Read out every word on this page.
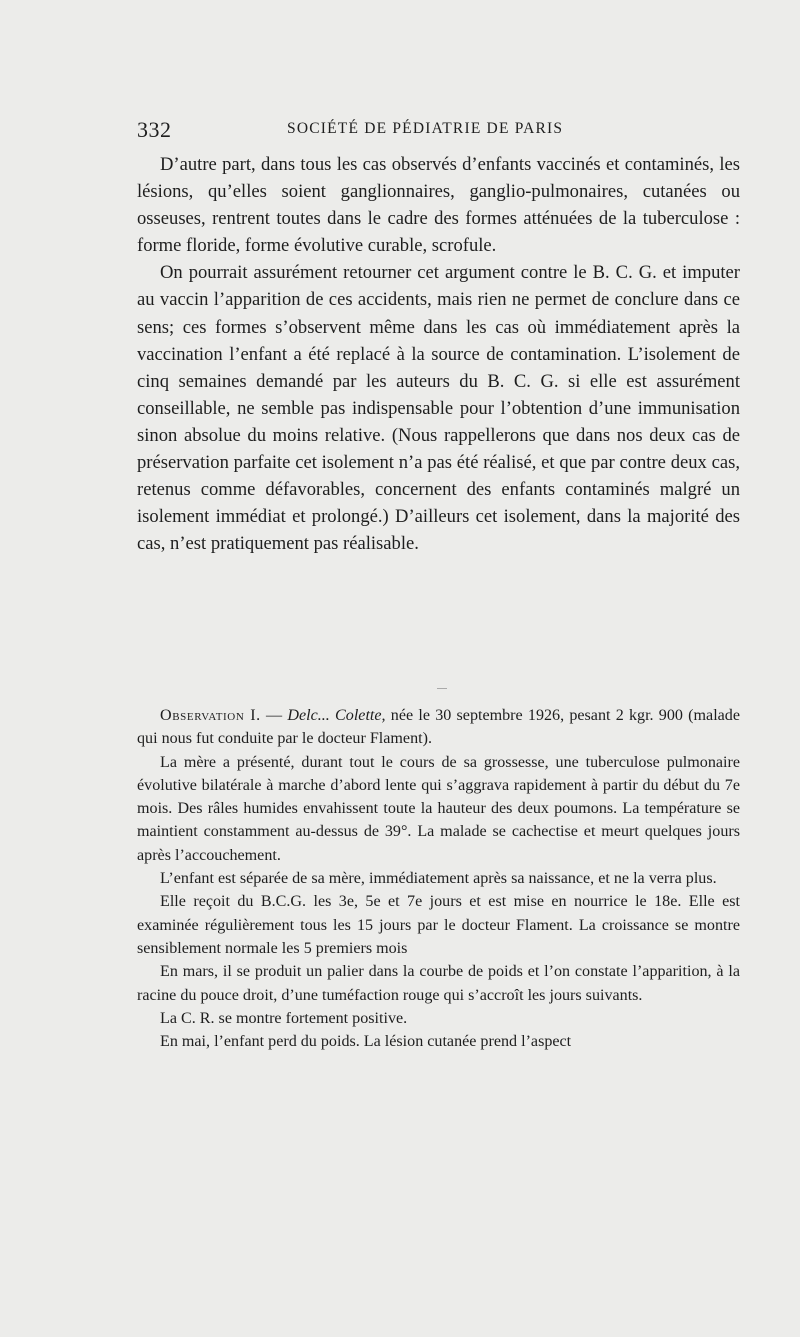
332	SOCIÉTÉ DE PÉDIATRIE DE PARIS

D’autre part, dans tous les cas observés d’enfants vaccinés et contaminés, les lésions, qu’elles soient ganglionnaires, ganglio-pulmonaires, cutanées ou osseuses, rentrent toutes dans le cadre des formes atténuées de la tuberculose : forme floride, forme évolutive curable, scrofule.

On pourrait assurément retourner cet argument contre le B. C. G. et imputer au vaccin l’apparition de ces accidents, mais rien ne permet de conclure dans ce sens; ces formes s’observent même dans les cas où immédiatement après la vaccination l’enfant a été replacé à la source de contamination. L’isolement de cinq semaines demandé par les auteurs du B. C. G. si elle est assurément conseillable, ne semble pas indispensable pour l’obtention d’une immunisation sinon absolue du moins relative. (Nous rappellerons que dans nos deux cas de préservation parfaite cet isolement n’a pas été réalisé, et que par contre deux cas, retenus comme défavorables, concernent des enfants contaminés malgré un isolement immédiat et prolongé.) D’ailleurs cet isolement, dans la majorité des cas, n’est pratiquement pas réalisable.

Observation I. — Delc... Colette, née le 30 septembre 1926, pesant 2 kgr. 900 (malade qui nous fut conduite par le docteur Flament).

La mère a présenté, durant tout le cours de sa grossesse, une tuberculose pulmonaire évolutive bilatérale à marche d’abord lente qui s’aggrava rapidement à partir du début du 7e mois. Des râles humides envahissent toute la hauteur des deux poumons. La température se maintient constamment au-dessus de 39°. La malade se cachectise et meurt quelques jours après l’accouchement.

L’enfant est séparée de sa mère, immédiatement après sa naissance, et ne la verra plus.

Elle reçoit du B.C.G. les 3e, 5e et 7e jours et est mise en nourrice le 18e. Elle est examinée régulièrement tous les 15 jours par le docteur Flament. La croissance se montre sensiblement normale les 5 premiers mois

En mars, il se produit un palier dans la courbe de poids et l’on constate l’apparition, à la racine du pouce droit, d’une tuméfaction rouge qui s’accroît les jours suivants.

La C. R. se montre fortement positive.

En mai, l’enfant perd du poids. La lésion cutanée prend l’aspect
